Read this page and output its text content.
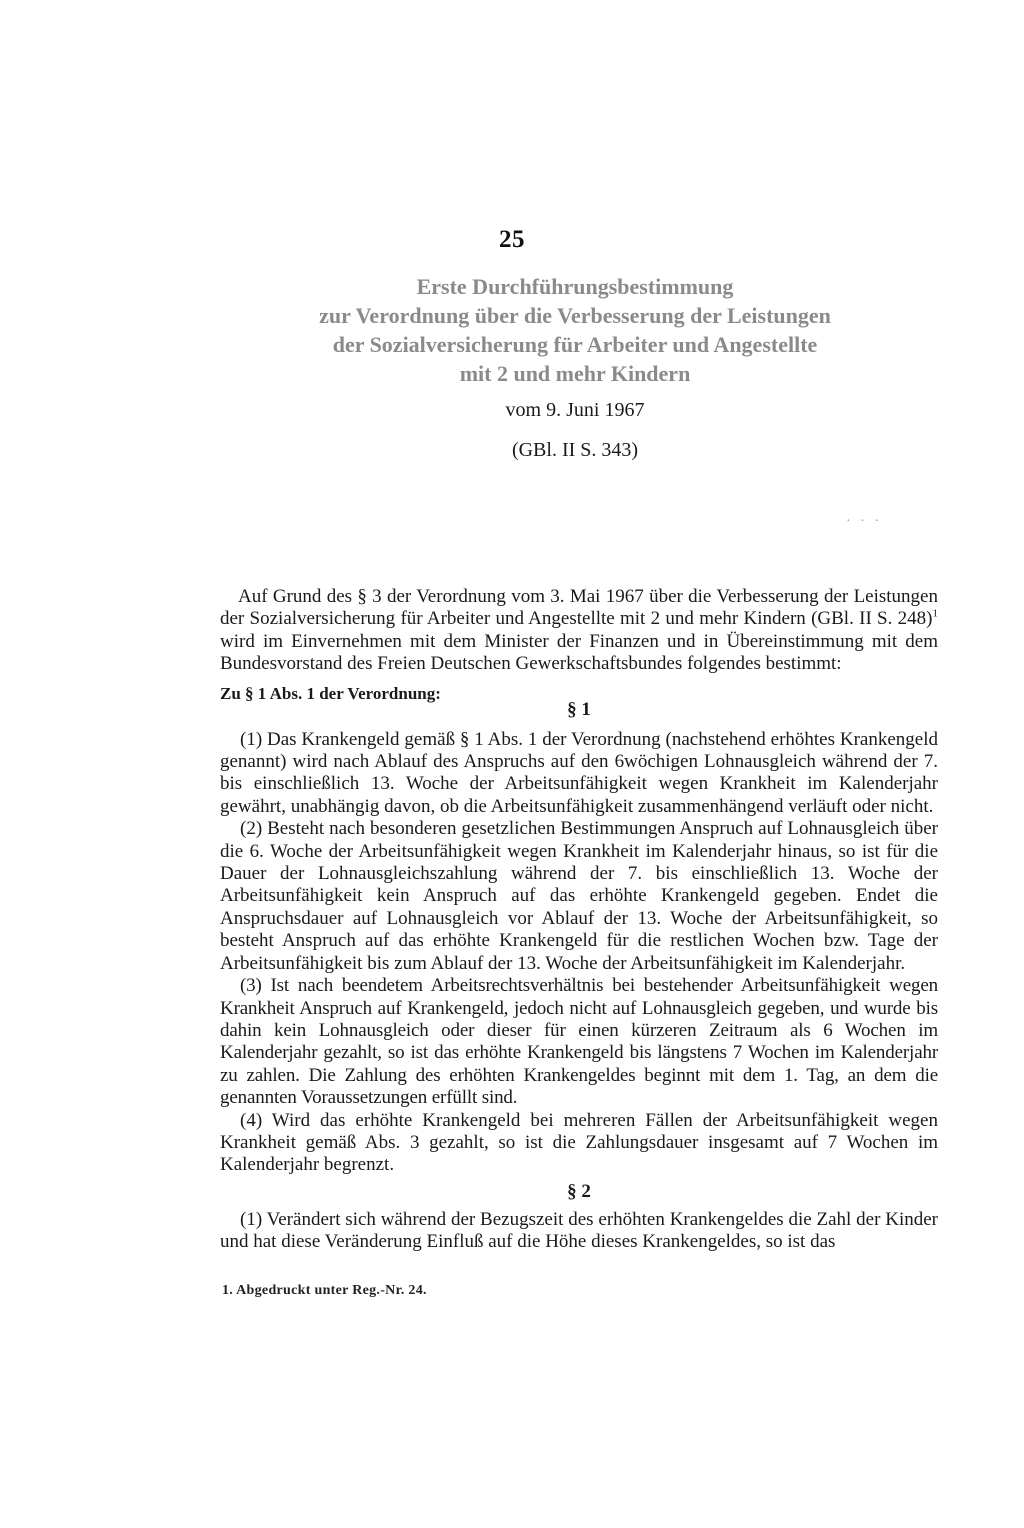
25
Erste Durchführungsbestimmung
zur Verordnung über die Verbesserung der Leistungen
der Sozialversicherung für Arbeiter und Angestellte
mit 2 und mehr Kindern
vom 9. Juni 1967
(GBl. II S. 343)
· · ·

Auf Grund des § 3 der Verordnung vom 3. Mai 1967 über die Verbesserung der Leistungen der Sozialversicherung für Arbeiter und Angestellte mit 2 und mehr Kindern (GBl. II S. 248)$^1$ wird im Einvernehmen mit dem Minister der Finanzen und in Übereinstimmung mit dem Bundesvorstand des Freien Deutschen Gewerkschaftsbundes folgendes bestimmt:

Zu § 1 Abs. 1 der Verordnung:
§ 1

(1) Das Krankengeld gemäß § 1 Abs. 1 der Verordnung (nachstehend erhöhtes Krankengeld genannt) wird nach Ablauf des Anspruchs auf den 6wöchigen Lohnausgleich während der 7. bis einschließlich 13. Woche der Arbeitsunfähigkeit wegen Krankheit im Kalenderjahr gewährt, unabhängig davon, ob die Arbeitsunfähigkeit zusammenhängend verläuft oder nicht.

(2) Besteht nach besonderen gesetzlichen Bestimmungen Anspruch auf Lohnausgleich über die 6. Woche der Arbeitsunfähigkeit wegen Krankheit im Kalenderjahr hinaus, so ist für die Dauer der Lohnausgleichszahlung während der 7. bis einschließlich 13. Woche der Arbeitsunfähigkeit kein Anspruch auf das erhöhte Krankengeld gegeben. Endet die Anspruchsdauer auf Lohnausgleich vor Ablauf der 13. Woche der Arbeitsunfähigkeit, so besteht Anspruch auf das erhöhte Krankengeld für die restlichen Wochen bzw. Tage der Arbeitsunfähigkeit bis zum Ablauf der 13. Woche der Arbeitsunfähigkeit im Kalenderjahr.

(3) Ist nach beendetem Arbeitsrechtsverhältnis bei bestehender Arbeitsunfähigkeit wegen Krankheit Anspruch auf Krankengeld, jedoch nicht auf Lohnausgleich gegeben, und wurde bis dahin kein Lohnausgleich oder dieser für einen kürzeren Zeitraum als 6 Wochen im Kalenderjahr gezahlt, so ist das erhöhte Krankengeld bis längstens 7 Wochen im Kalenderjahr zu zahlen. Die Zahlung des erhöhten Krankengeldes beginnt mit dem 1. Tag, an dem die genannten Voraussetzungen erfüllt sind.

(4) Wird das erhöhte Krankengeld bei mehreren Fällen der Arbeitsunfähigkeit wegen Krankheit gemäß Abs. 3 gezahlt, so ist die Zahlungsdauer insgesamt auf 7 Wochen im Kalenderjahr begrenzt.

§ 2

(1) Verändert sich während der Bezugszeit des erhöhten Krankengeldes die Zahl der Kinder und hat diese Veränderung Einfluß auf die Höhe dieses Krankengeldes, so ist das

1. Abgedruckt unter Reg.-Nr. 24.
